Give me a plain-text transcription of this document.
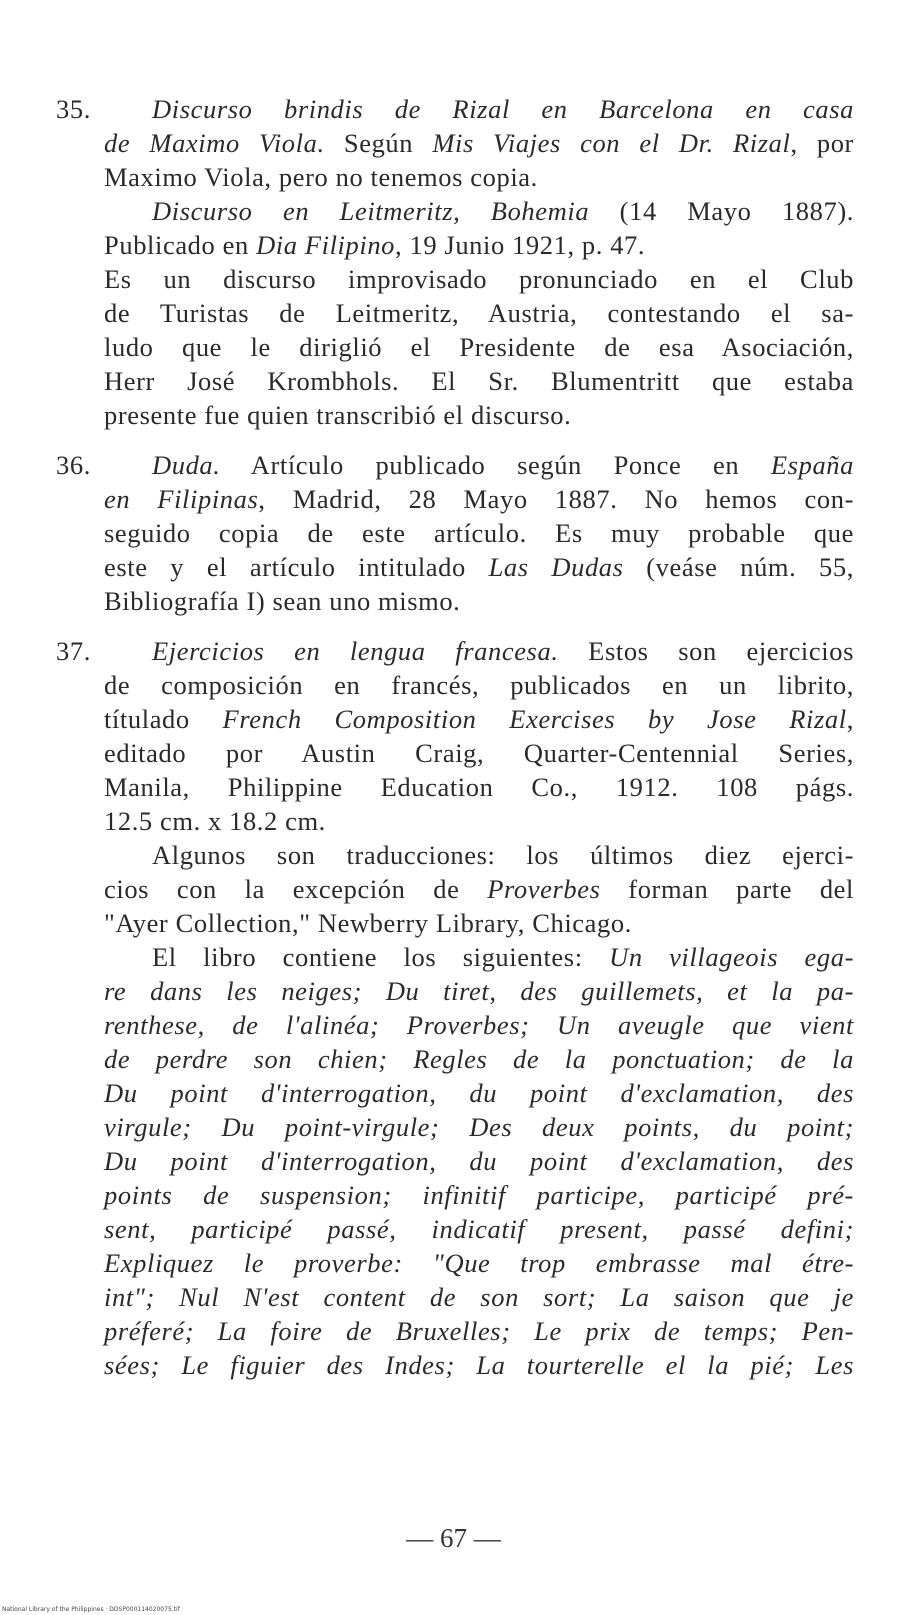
35.	Discurso brindis de Rizal en Barcelona en casa
de Maximo Viola. Según Mis Viajes con el Dr. Rizal, por
Maximo Viola, pero no tenemos copia.
Discurso en Leitmeritz, Bohemia (14 Mayo 1887).
Publicado en Dia Filipino, 19 Junio 1921, p. 47.
Es un discurso improvisado pronunciado en el Club
de Turistas de Leitmeritz, Austria, contestando el sa-
ludo que le diriglió el Presidente de esa Asociación,
Herr José Krombhols. El Sr. Blumentritt que estaba
presente fue quien transcribió el discurso.
36.	Duda. Artículo publicado según Ponce en España
en Filipinas, Madrid, 28 Mayo 1887. No hemos con-
seguido copia de este artículo. Es muy probable que
este y el artículo intitulado Las Dudas (veáse núm. 55,
Bibliografía I) sean uno mismo.
37.	Ejercicios en lengua francesa. Estos son ejercicios
de composición en francés, publicados en un librito,
títulado French Composition Exercises by Jose Rizal,
editado por Austin Craig, Quarter-Centennial Series,
Manila, Philippine Education Co., 1912. 108 págs.
12.5 cm. x 18.2 cm.
Algunos son traducciones: los últimos diez ejerci-
cios con la excepción de Proverbes forman parte del
"Ayer Collection," Newberry Library, Chicago.
El libro contiene los siguientes: Un villageois ega-
re dans les neiges; Du tiret, des guillemets, et la pa-
renthese, de l'alinéa; Proverbes; Un aveugle que vient
de perdre son chien; Regles de la ponctuation; de la
Du point d'interrogation, du point d'exclamation, des
virgule; Du point-virgule; Des deux points, du point;
Du point d'interrogation, du point d'exclamation, des
points de suspension; infinitif participe, participé pré-
sent, participé passé, indicatif present, passé defini;
Expliquez le proverbe: "Que trop embrasse mal étre-
int"; Nul N'est content de son sort; La saison que je
préferé; La foire de Bruxelles; Le prix de temps; Pen-
sées; Le figuier des Indes; La tourterelle el la pié; Les
— 67 —
National Library of the Philippines · DDSP000114020075.tif
